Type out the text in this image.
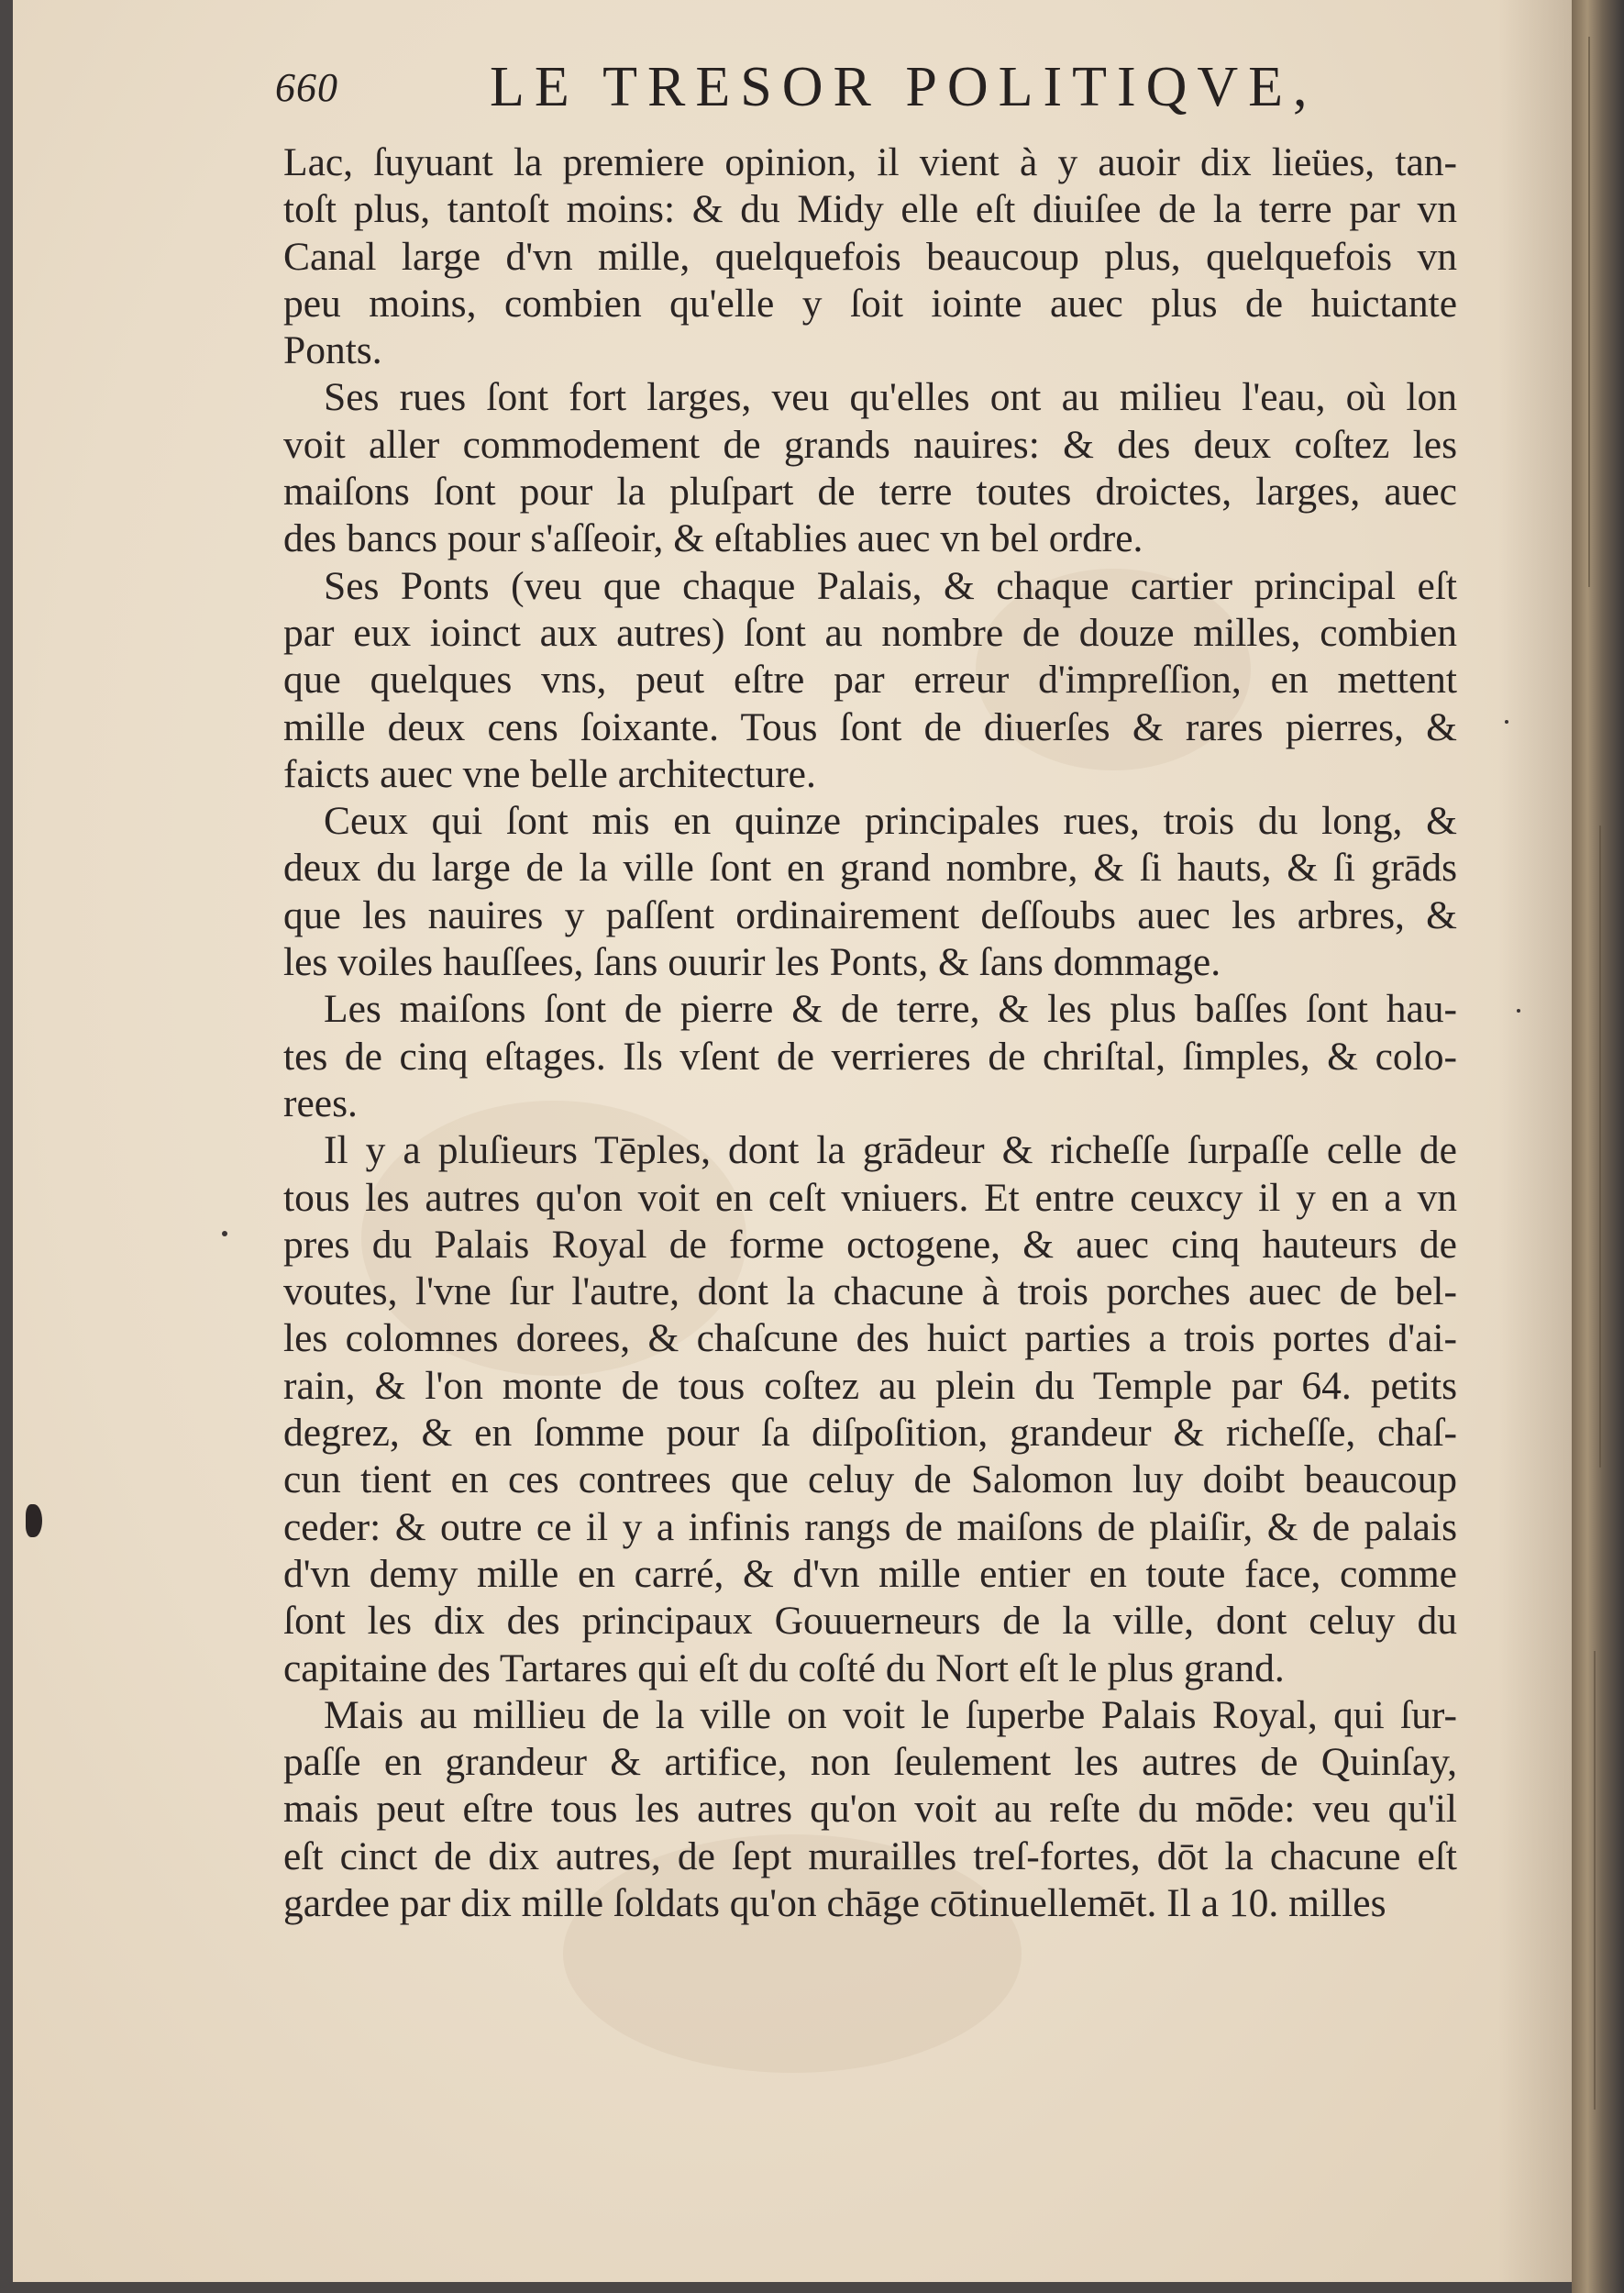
660	LE TRESOR POLITIQVE,
Lac, ſuyuant la premiere opinion, il vient à y auoir dix lieües, tan-
toſt plus, tantoſt moins: & du Midy elle eſt diuiſee de la terre par vn
Canal large d'vn mille, quelquefois beaucoup plus, quelquefois vn
peu moins, combien qu'elle y ſoit iointe auec plus de huictante
Ponts.
Ses rues ſont fort larges, veu qu'elles ont au milieu l'eau, où lon
voit aller commodement de grands nauires: & des deux coſtez les
maiſons ſont pour la pluſpart de terre toutes droictes, larges, auec
des bancs pour s'aſſeoir, & eſtablies auec vn bel ordre.
Ses Ponts (veu que chaque Palais, & chaque cartier principal eſt
par eux ioinct aux autres) ſont au nombre de douze milles, combien
que quelques vns, peut eſtre par erreur d'impreſſion, en mettent
mille deux cens ſoixante. Tous ſont de diuerſes & rares pierres, &
faicts auec vne belle architecture.
Ceux qui ſont mis en quinze principales rues, trois du long, &
deux du large de la ville ſont en grand nombre, & ſi hauts, & ſi grāds
que les nauires y paſſent ordinairement deſſoubs auec les arbres, &
les voiles hauſſees, ſans ouurir les Ponts, & ſans dommage.
Les maiſons ſont de pierre & de terre, & les plus baſſes ſont hau-
tes de cinq eſtages. Ils vſent de verrieres de chriſtal, ſimples, & colo-
rees.
Il y a pluſieurs Tēples, dont la grādeur & richeſſe ſurpaſſe celle de
tous les autres qu'on voit en ceſt vniuers. Et entre ceuxcy il y en a vn
pres du Palais Royal de forme octogene, & auec cinq hauteurs de
voutes, l'vne ſur l'autre, dont la chacune à trois porches auec de bel-
les colomnes dorees, & chaſcune des huict parties a trois portes d'ai-
rain, & l'on monte de tous coſtez au plein du Temple par 64. petits
degrez, & en ſomme pour ſa diſpoſition, grandeur & richeſſe, chaſ-
cun tient en ces contrees que celuy de Salomon luy doibt beaucoup
ceder: & outre ce il y a infinis rangs de maiſons de plaiſir, & de palais
d'vn demy mille en carré, & d'vn mille entier en toute face, comme
ſont les dix des principaux Gouuerneurs de la ville, dont celuy du
capitaine des Tartares qui eſt du coſté du Nort eſt le plus grand.
Mais au millieu de la ville on voit le ſuperbe Palais Royal, qui ſur-
paſſe en grandeur & artifice, non ſeulement les autres de Quinſay,
mais peut eſtre tous les autres qu'on voit au reſte du mōde: veu qu'il
eſt cinct de dix autres, de ſept murailles treſ-fortes, dōt la chacune eſt
gardee par dix mille ſoldats qu'on chāge cōtinuellemēt. Il a 10. milles
